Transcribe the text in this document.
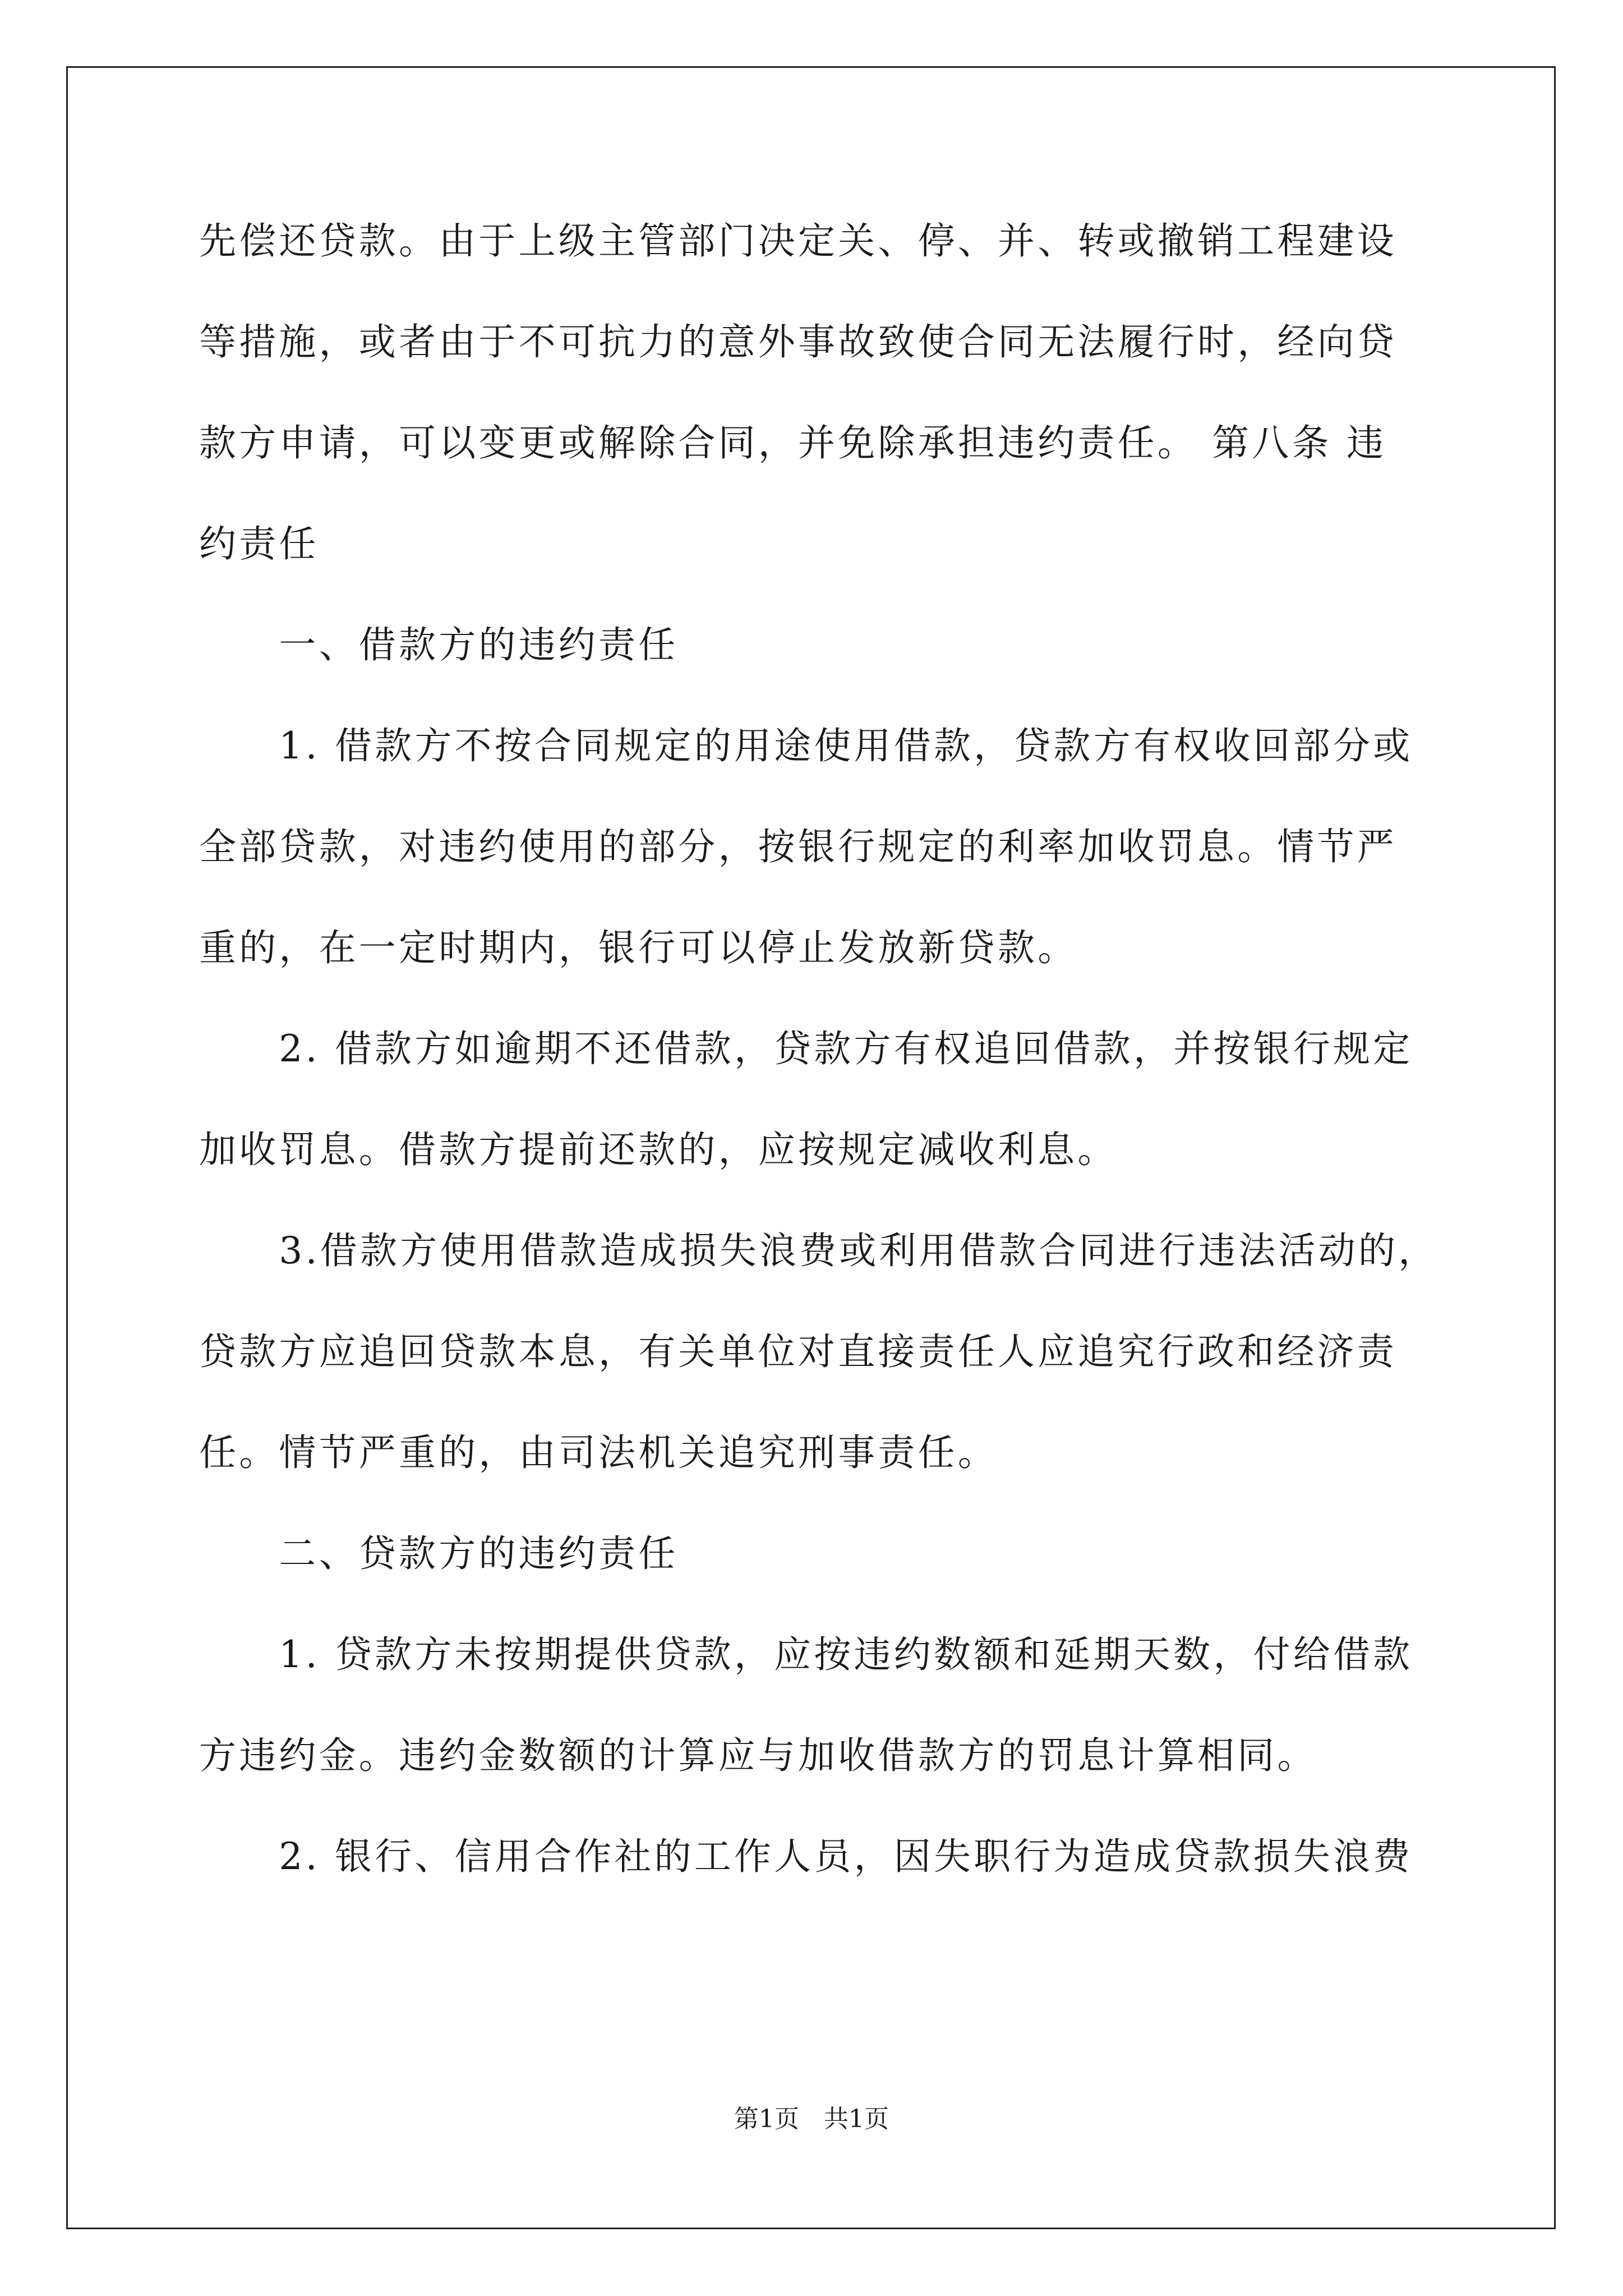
先偿还贷款。由于上级主管部门决定关、停、并、转或撤销工程建设
等措施，或者由于不可抗力的意外事故致使合同无法履行时，经向贷
款方申请，可以变更或解除合同，并免除承担违约责任。 第八条 违
约责任
　　一、借款方的违约责任
　　1. 借款方不按合同规定的用途使用借款，贷款方有权收回部分或
全部贷款，对违约使用的部分，按银行规定的利率加收罚息。情节严
重的，在一定时期内，银行可以停止发放新贷款。
　　2. 借款方如逾期不还借款，贷款方有权追回借款，并按银行规定
加收罚息。借款方提前还款的，应按规定减收利息。
　　3.借款方使用借款造成损失浪费或利用借款合同进行违法活动的，
贷款方应追回贷款本息，有关单位对直接责任人应追究行政和经济责
任。情节严重的，由司法机关追究刑事责任。
　　二、贷款方的违约责任
　　1. 贷款方未按期提供贷款，应按违约数额和延期天数，付给借款
方违约金。违约金数额的计算应与加收借款方的罚息计算相同。
　　2. 银行、信用合作社的工作人员，因失职行为造成贷款损失浪费
第1页　共1页
